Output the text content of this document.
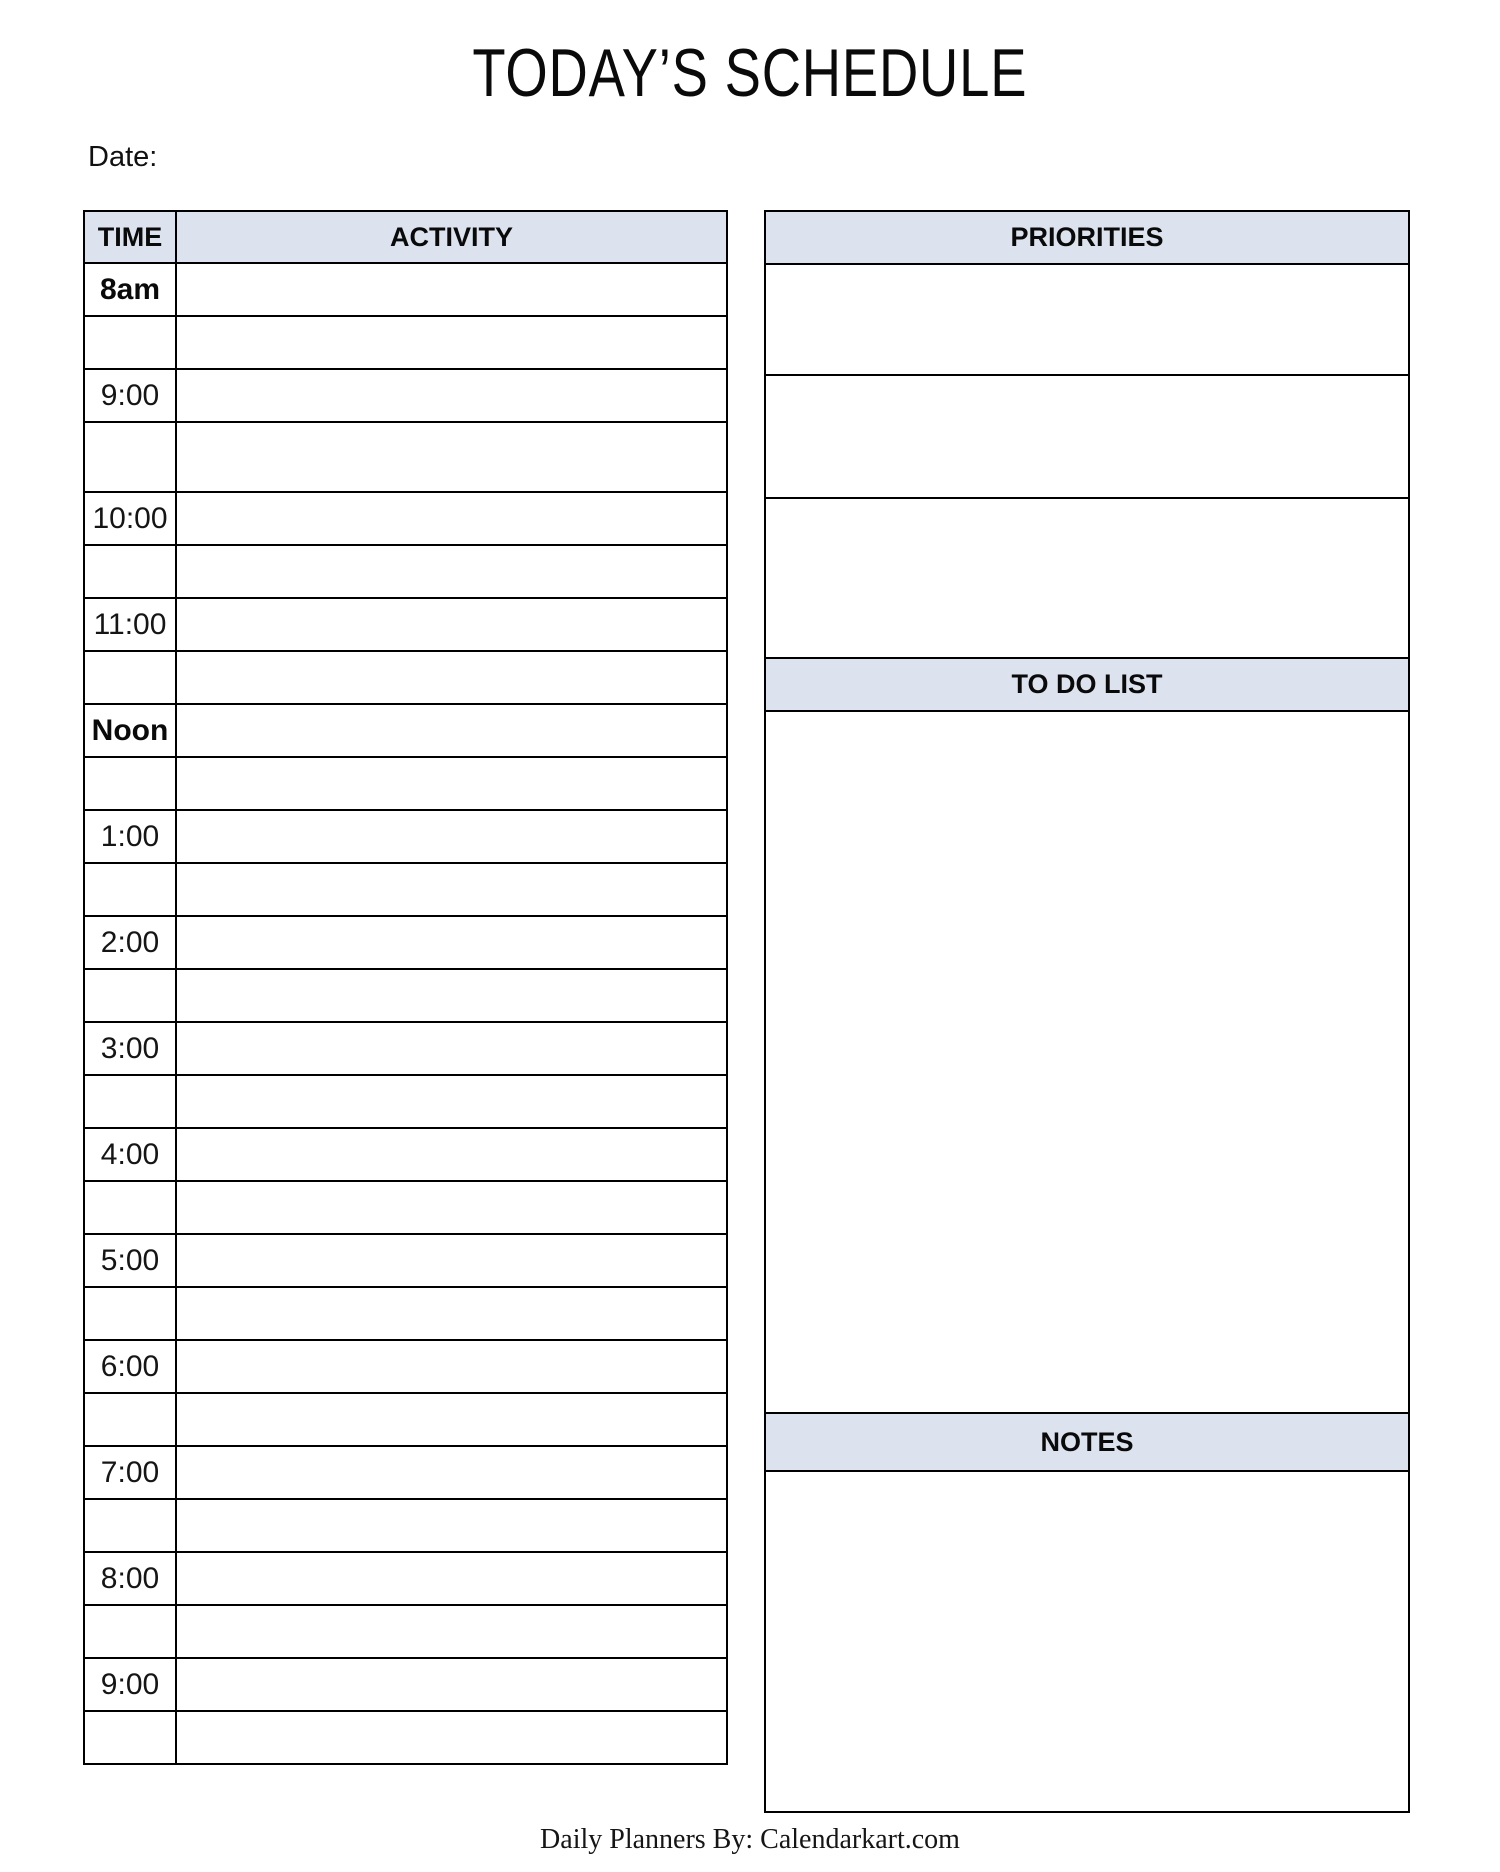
TODAY’S SCHEDULE
Date:
TIME	ACTIVITY
8am	

9:00	

10:00	

11:00	

Noon	

1:00	

2:00	

3:00	

4:00	

5:00	

6:00	

7:00	

8:00	

9:00	

PRIORITIES
TO DO LIST
NOTES
Daily Planners By: Calendarkart.com
